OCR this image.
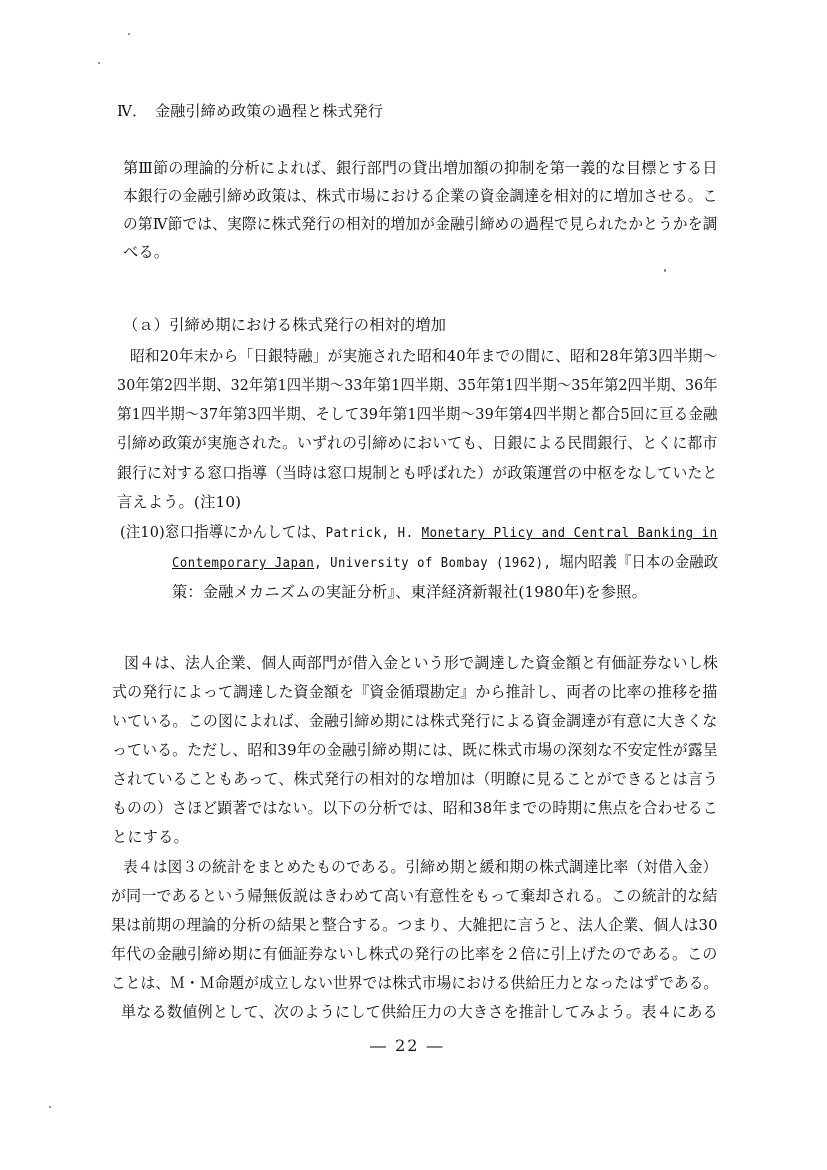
Ⅳ．　金融引締め政策の過程と株式発行
第Ⅲ節の理論的分析によれば、銀行部門の貸出増加額の抑制を第一義的な目標とする日
本銀行の金融引締め政策は、株式市場における企業の資金調達を相対的に増加させる。こ
の第Ⅳ節では、実際に株式発行の相対的増加が金融引締めの過程で見られたかとうかを調
べる。
（ａ）引締め期における株式発行の相対的増加
昭和20年末から「日銀特融」が実施された昭和40年までの間に、昭和28年第3四半期～
30年第2四半期、32年第1四半期～33年第1四半期、35年第1四半期～35年第2四半期、36年
第1四半期～37年第3四半期、そして39年第1四半期～39年第4四半期と都合5回に亘る金融
引締め政策が実施された。いずれの引締めにおいても、日銀による民間銀行、とくに都市
銀行に対する窓口指導（当時は窓口規制とも呼ばれた）が政策運営の中枢をなしていたと
言えよう。(注10)
(注10)窓口指導にかんしては、Patrick, H. Monetary Plicy and Central Banking in
Contemporary Japan, University of Bombay (1962), 堀内昭義『日本の金融政
策：金融メカニズムの実証分析』、東洋経済新報社(1980年)を参照。
図４は、法人企業、個人両部門が借入金という形で調達した資金額と有価証券ないし株
式の発行によって調達した資金額を『資金循環勘定』から推計し、両者の比率の推移を描
いている。この図によれば、金融引締め期には株式発行による資金調達が有意に大きくな
っている。ただし、昭和39年の金融引締め期には、既に株式市場の深刻な不安定性が露呈
されていることもあって、株式発行の相対的な増加は（明瞭に見ることができるとは言う
ものの）さほど顕著ではない。以下の分析では、昭和38年までの時期に焦点を合わせるこ
とにする。
表４は図３の統計をまとめたものである。引締め期と緩和期の株式調達比率（対借入金）
が同一であるという帰無仮説はきわめて高い有意性をもって棄却される。この統計的な結
果は前期の理論的分析の結果と整合する。つまり、大雑把に言うと、法人企業、個人は30
年代の金融引締め期に有価証券ないし株式の発行の比率を２倍に引上げたのである。この
ことは、Ｍ・Ｍ命題が成立しない世界では株式市場における供給圧力となったはずである。
単なる数値例として、次のようにして供給圧力の大きさを推計してみよう。表４にある
― 22 ―
